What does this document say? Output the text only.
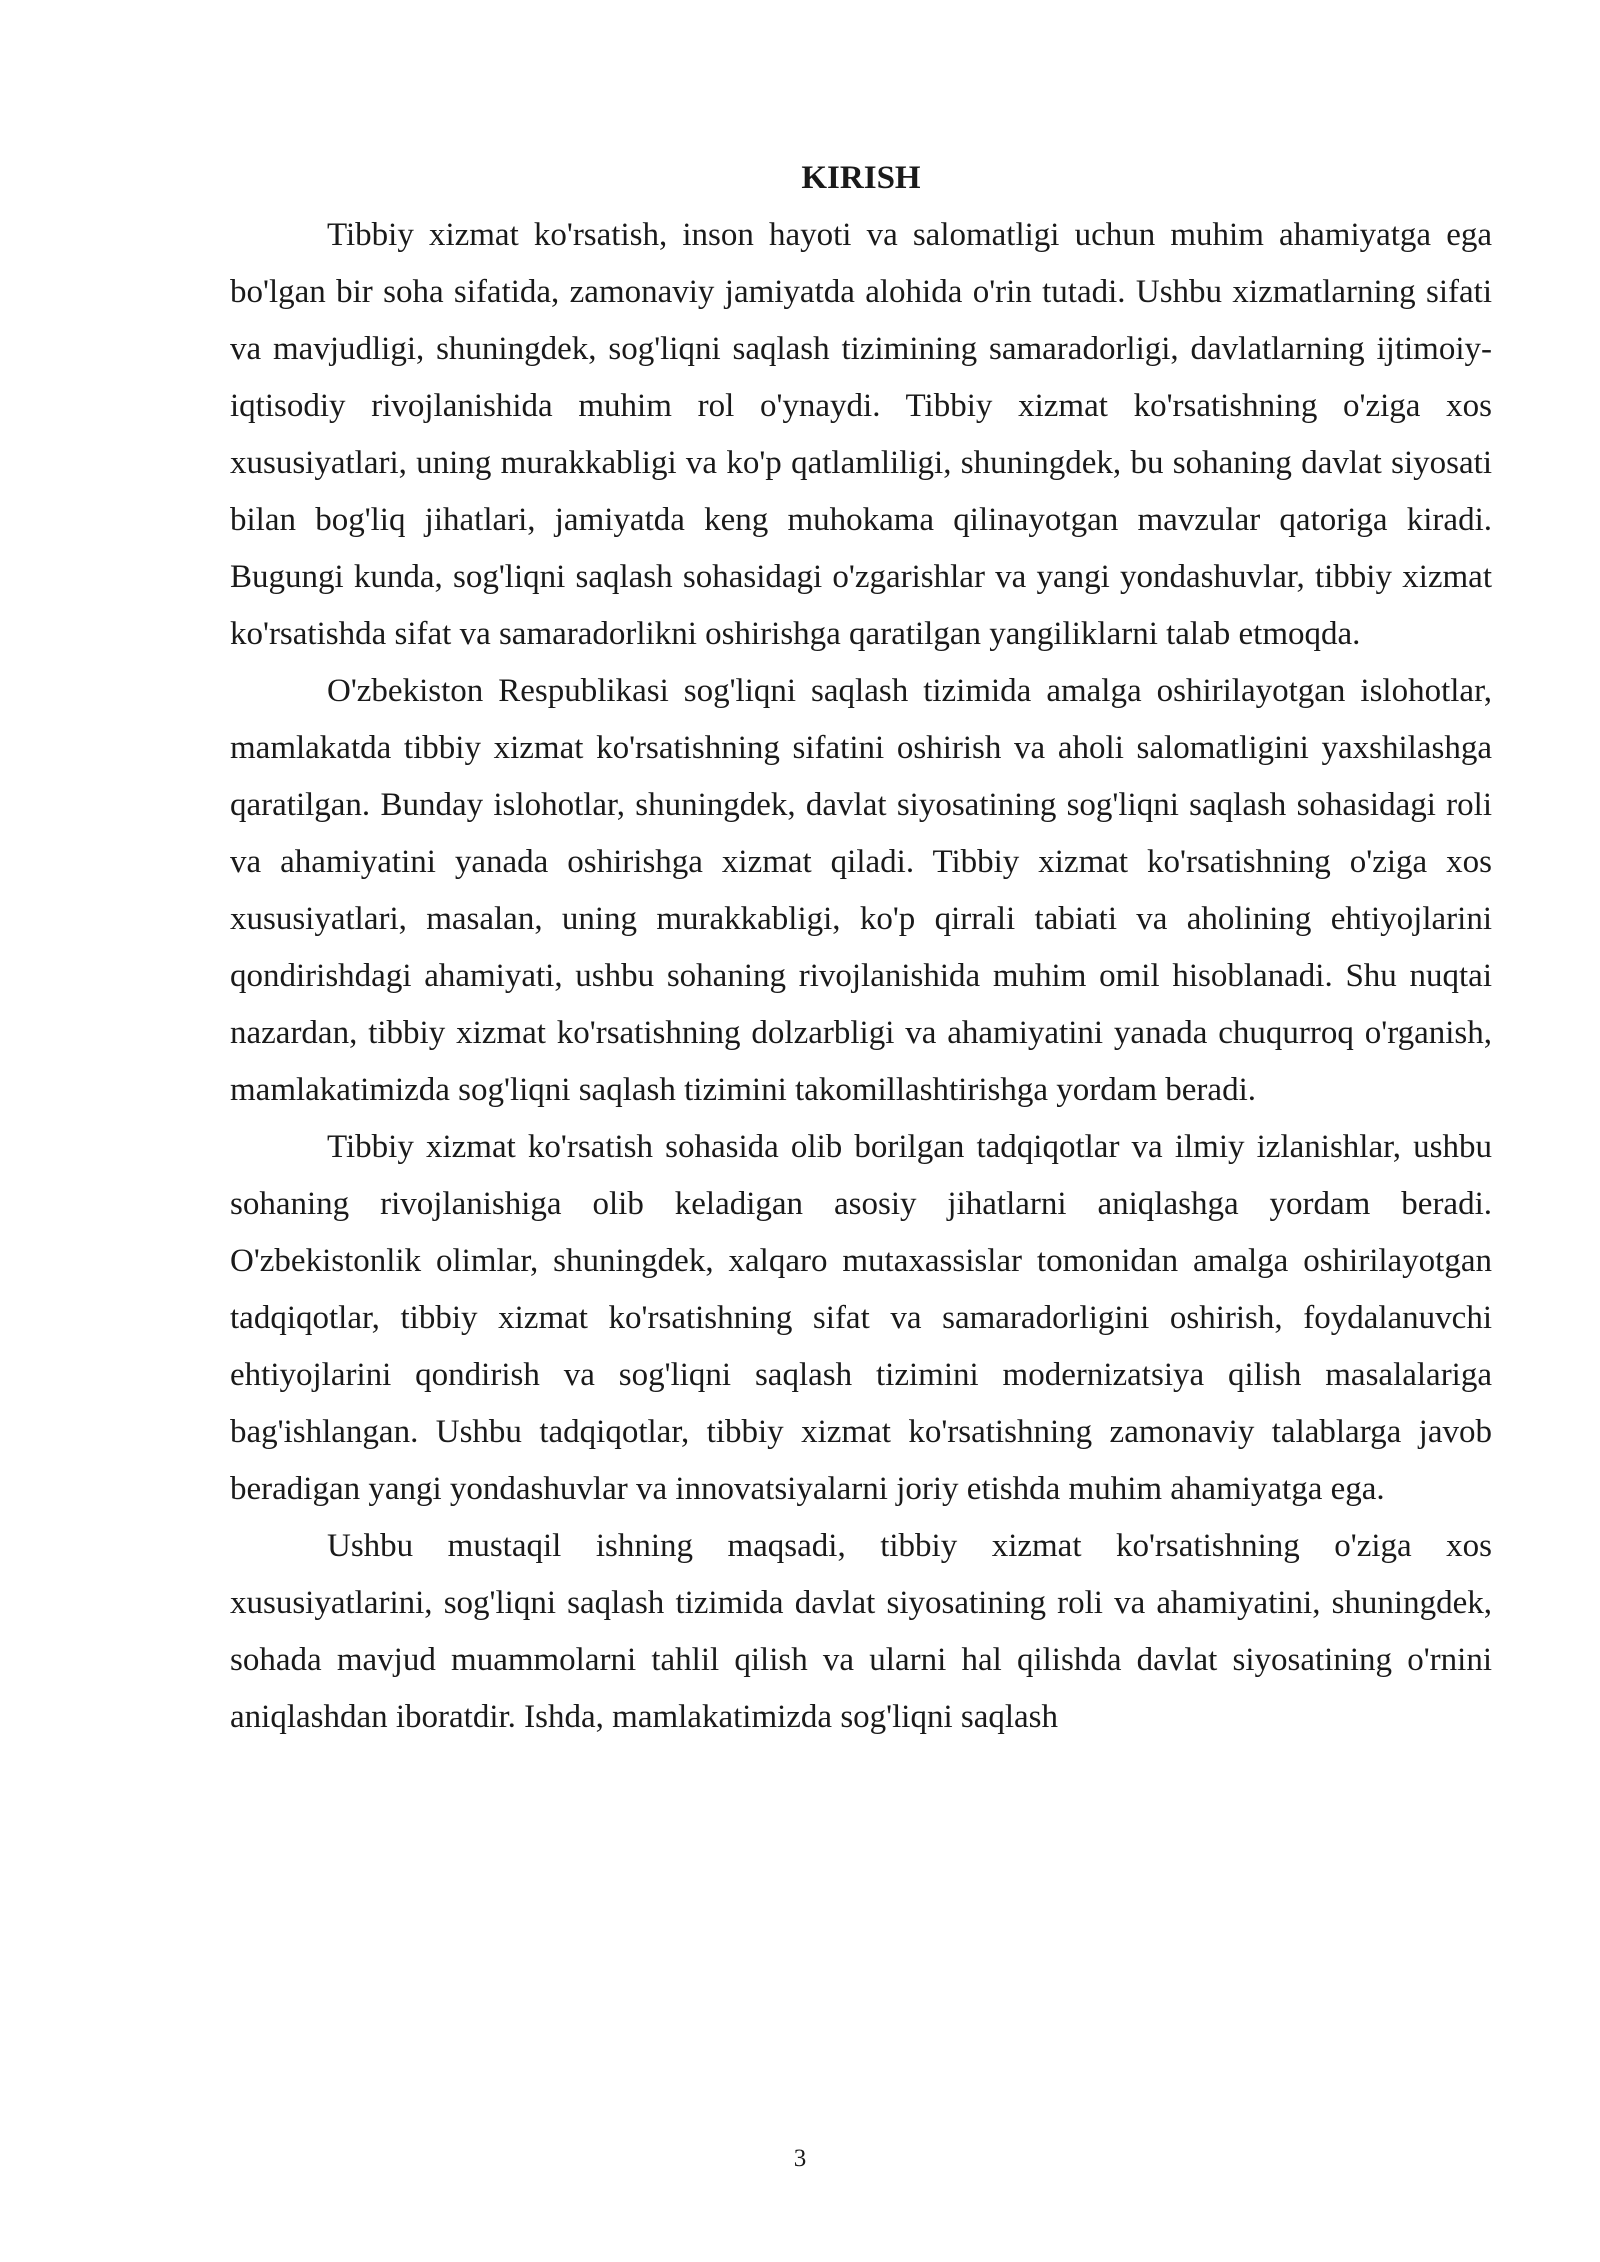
KIRISH

Tibbiy xizmat ko'rsatish, inson hayoti va salomatligi uchun muhim ahamiyatga ega bo'lgan bir soha sifatida, zamonaviy jamiyatda alohida o'rin tutadi. Ushbu xizmatlarning sifati va mavjudligi, shuningdek, sog'liqni saqlash tizimining samaradorligi, davlatlarning ijtimoiy-iqtisodiy rivojlanishida muhim rol o'ynaydi. Tibbiy xizmat ko'rsatishning o'ziga xos xususiyatlari, uning murakkabligi va ko'p qatlamliligi, shuningdek, bu sohaning davlat siyosati bilan bog'liq jihatlari, jamiyatda keng muhokama qilinayotgan mavzular qatoriga kiradi. Bugungi kunda, sog'liqni saqlash sohasidagi o'zgarishlar va yangi yondashuvlar, tibbiy xizmat ko'rsatishda sifat va samaradorlikni oshirishga qaratilgan yangiliklarni talab etmoqda.

O'zbekiston Respublikasi sog'liqni saqlash tizimida amalga oshirilayotgan islohotlar, mamlakatda tibbiy xizmat ko'rsatishning sifatini oshirish va aholi salomatligini yaxshilashga qaratilgan. Bunday islohotlar, shuningdek, davlat siyosatining sog'liqni saqlash sohasidagi roli va ahamiyatini yanada oshirishga xizmat qiladi. Tibbiy xizmat ko'rsatishning o'ziga xos xususiyatlari, masalan, uning murakkabligi, ko'p qirrali tabiati va aholining ehtiyojlarini qondirishdagi ahamiyati, ushbu sohaning rivojlanishida muhim omil hisoblanadi. Shu nuqtai nazardan, tibbiy xizmat ko'rsatishning dolzarbligi va ahamiyatini yanada chuqurroq o'rganish, mamlakatimizda sog'liqni saqlash tizimini takomillashtirishga yordam beradi.

Tibbiy xizmat ko'rsatish sohasida olib borilgan tadqiqotlar va ilmiy izlanishlar, ushbu sohaning rivojlanishiga olib keladigan asosiy jihatlarni aniqlashga yordam beradi. O'zbekistonlik olimlar, shuningdek, xalqaro mutaxassislar tomonidan amalga oshirilayotgan tadqiqotlar, tibbiy xizmat ko'rsatishning sifat va samaradorligini oshirish, foydalanuvchi ehtiyojlarini qondirish va sog'liqni saqlash tizimini modernizatsiya qilish masalalariga bag'ishlangan. Ushbu tadqiqotlar, tibbiy xizmat ko'rsatishning zamonaviy talablarga javob beradigan yangi yondashuvlar va innovatsiyalarni joriy etishda muhim ahamiyatga ega.

Ushbu mustaqil ishning maqsadi, tibbiy xizmat ko'rsatishning o'ziga xos xususiyatlarini, sog'liqni saqlash tizimida davlat siyosatining roli va ahamiyatini, shuningdek, sohada mavjud muammolarni tahlil qilish va ularni hal qilishda davlat siyosatining o'rnini aniqlashdan iboratdir. Ishda, mamlakatimizda sog'liqni saqlash

3
